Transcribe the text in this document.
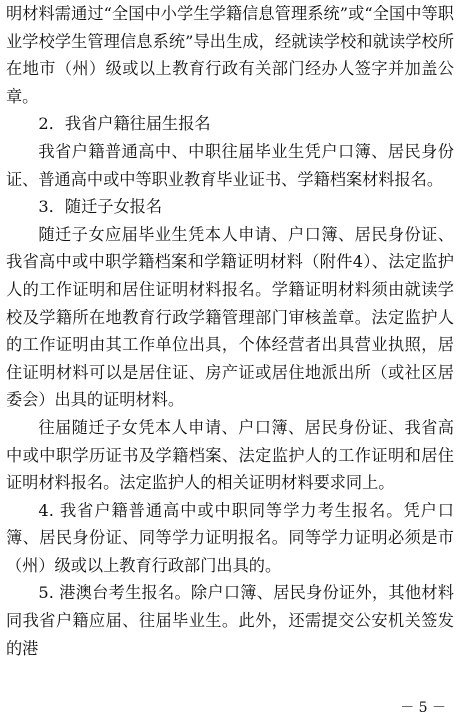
明材料需通过“全国中小学生学籍信息管理系统”或“全国中等职业学校学生管理信息系统”导出生成，经就读学校和就读学校所在地市（州）级或以上教育行政有关部门经办人签字并加盖公章。

2．我省户籍往届生报名

我省户籍普通高中、中职往届毕业生凭户口簿、居民身份证、普通高中或中等职业教育毕业证书、学籍档案材料报名。

3．随迁子女报名

随迁子女应届毕业生凭本人申请、户口簿、居民身份证、我省高中或中职学籍档案和学籍证明材料（附件4）、法定监护人的工作证明和居住证明材料报名。学籍证明材料须由就读学校及学籍所在地教育行政学籍管理部门审核盖章。法定监护人的工作证明由其工作单位出具，个体经营者出具营业执照，居住证明材料可以是居住证、房产证或居住地派出所（或社区居委会）出具的证明材料。

往届随迁子女凭本人申请、户口簿、居民身份证、我省高中或中职学历证书及学籍档案、法定监护人的工作证明和居住证明材料报名。法定监护人的相关证明材料要求同上。

4. 我省户籍普通高中或中职同等学力考生报名。凭户口簿、居民身份证、同等学力证明报名。同等学力证明必须是市（州）级或以上教育行政部门出具的。

5. 港澳台考生报名。除户口簿、居民身份证外，其他材料同我省户籍应届、往届毕业生。此外，还需提交公安机关签发的港

－ 5 －
